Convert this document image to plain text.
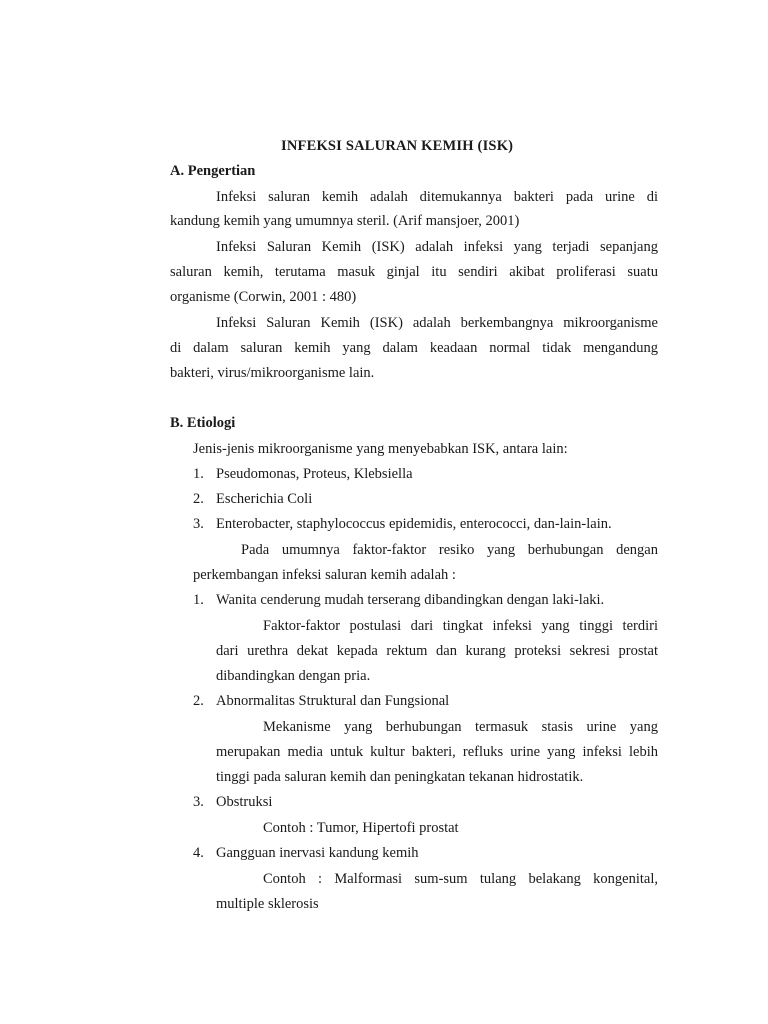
INFEKSI SALURAN KEMIH (ISK)
A. Pengertian
Infeksi saluran kemih adalah ditemukannya bakteri pada urine di
kandung kemih yang umumnya steril. (Arif mansjoer, 2001)
Infeksi Saluran Kemih (ISK) adalah infeksi yang terjadi sepanjang
saluran kemih, terutama masuk ginjal itu sendiri akibat proliferasi suatu
organisme (Corwin, 2001 : 480)
Infeksi Saluran Kemih (ISK) adalah berkembangnya mikroorganisme
di dalam saluran kemih yang dalam keadaan normal tidak mengandung
bakteri, virus/mikroorganisme lain.
B. Etiologi
Jenis-jenis mikroorganisme yang menyebabkan ISK, antara lain:
1. Pseudomonas, Proteus, Klebsiella
2. Escherichia Coli
3. Enterobacter, staphylococcus epidemidis, enterococci, dan-lain-lain.
Pada umumnya faktor-faktor resiko yang berhubungan dengan
perkembangan infeksi saluran kemih adalah :
1. Wanita cenderung mudah terserang dibandingkan dengan laki-laki.
Faktor-faktor postulasi dari tingkat infeksi yang tinggi terdiri
dari urethra dekat kepada rektum dan kurang proteksi sekresi prostat
dibandingkan dengan pria.
2. Abnormalitas Struktural dan Fungsional
Mekanisme yang berhubungan termasuk stasis urine yang
merupakan media untuk kultur bakteri, refluks urine yang infeksi lebih
tinggi pada saluran kemih dan peningkatan tekanan hidrostatik.
3. Obstruksi
Contoh : Tumor, Hipertofi prostat
4. Gangguan inervasi kandung kemih
Contoh : Malformasi sum-sum tulang belakang kongenital,
multiple sklerosis
